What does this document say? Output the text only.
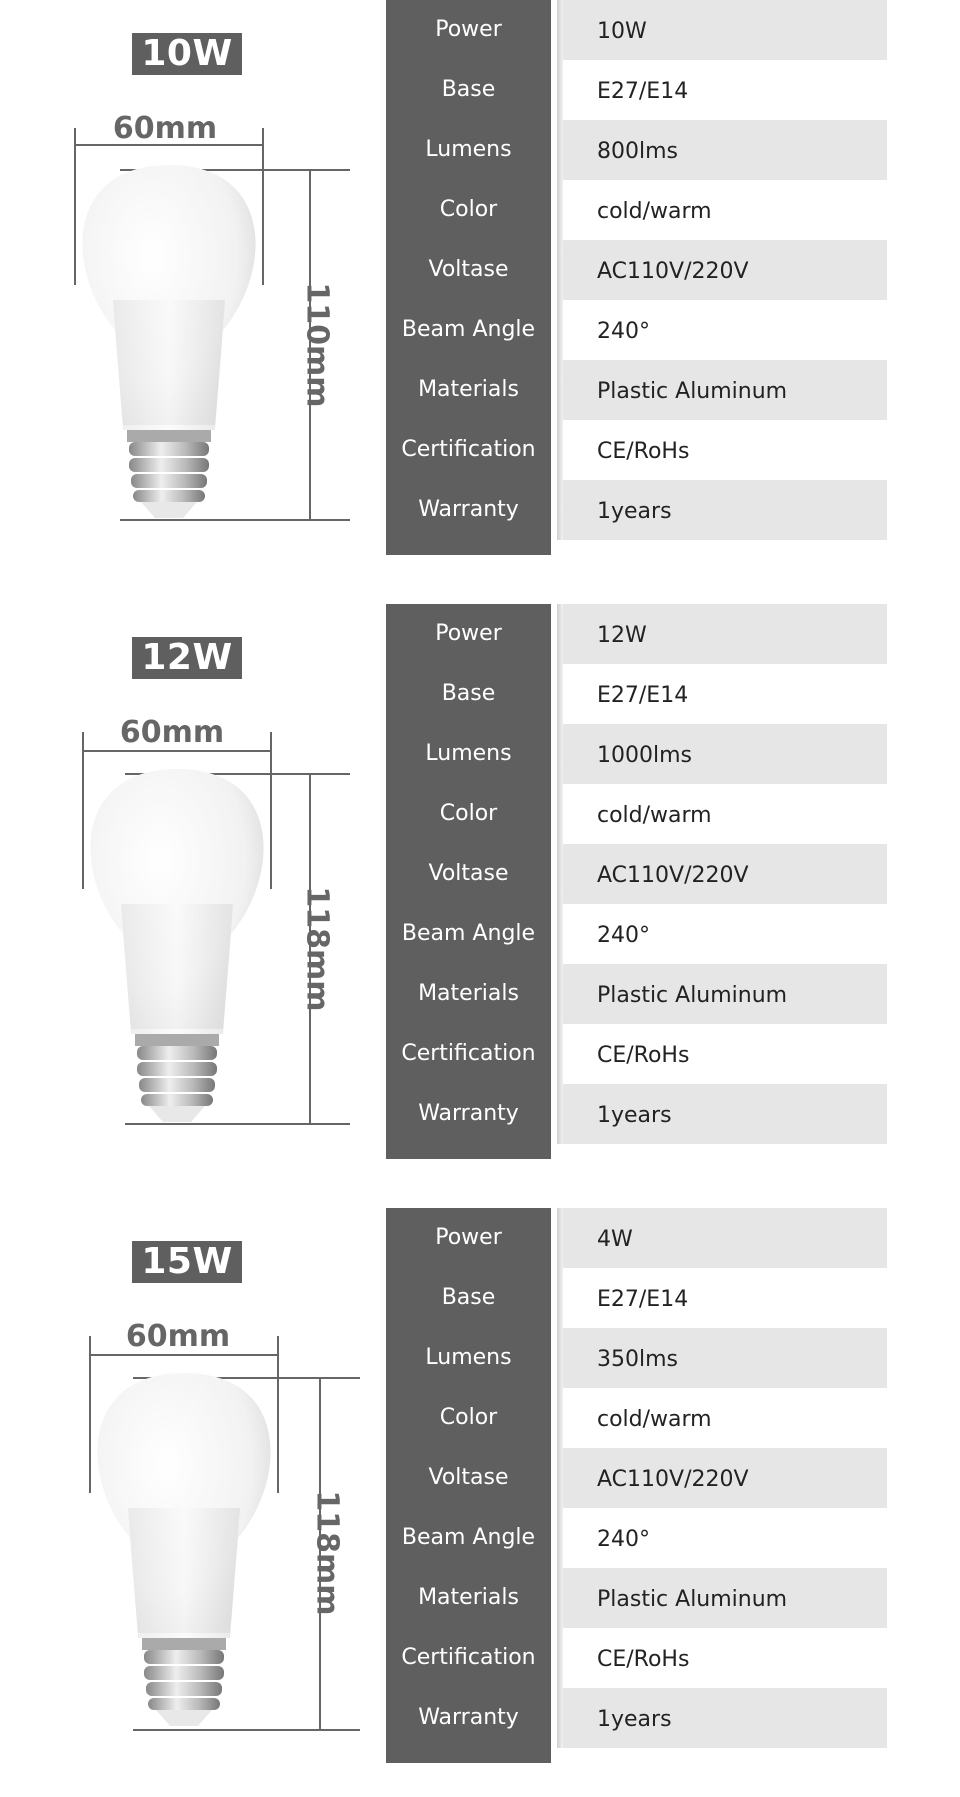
10W
60mm
110mm
Power
Base
Lumens
Color
Voltase
Beam Angle
Materials
Certification
Warranty
10W
E27/E14
800lms
cold/warm
AC110V/220V
240°
Plastic Aluminum
CE/RoHs
1years
12W
60mm
118mm
Power
Base
Lumens
Color
Voltase
Beam Angle
Materials
Certification
Warranty
12W
E27/E14
1000lms
cold/warm
AC110V/220V
240°
Plastic Aluminum
CE/RoHs
1years
15W
60mm
118mm
Power
Base
Lumens
Color
Voltase
Beam Angle
Materials
Certification
Warranty
4W
E27/E14
350lms
cold/warm
AC110V/220V
240°
Plastic Aluminum
CE/RoHs
1years
